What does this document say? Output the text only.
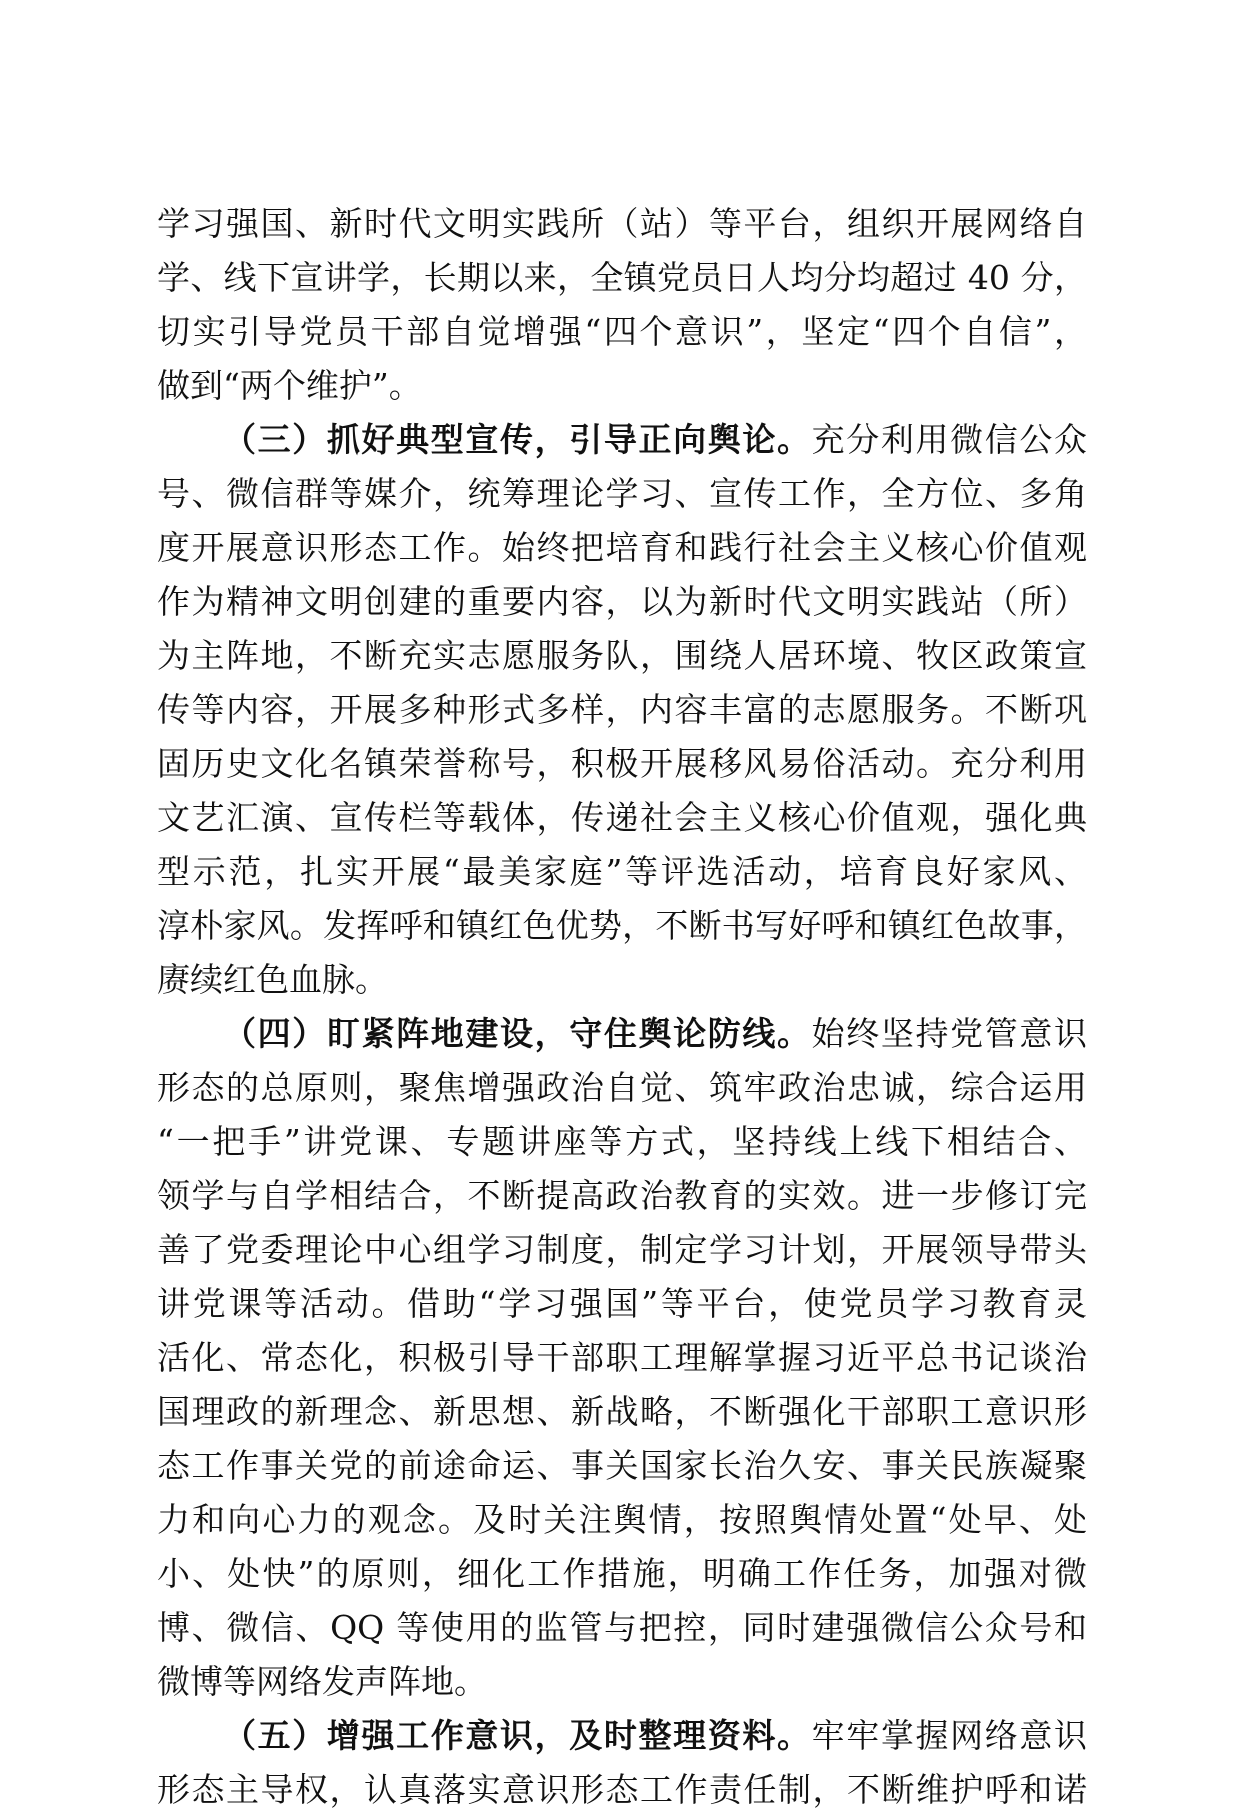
学习强国、新时代文明实践所（站）等平台，组织开展网络自
学、线下宣讲学，长期以来，全镇党员日人均分均超过 40 分，
切实引导党员干部自觉增强“四个意识”，坚定“四个自信”，
做到“两个维护”。
（三）抓好典型宣传，引导正向舆论。充分利用微信公众
号、微信群等媒介，统筹理论学习、宣传工作，全方位、多角
度开展意识形态工作。始终把培育和践行社会主义核心价值观
作为精神文明创建的重要内容，以为新时代文明实践站（所）
为主阵地，不断充实志愿服务队，围绕人居环境、牧区政策宣
传等内容，开展多种形式多样，内容丰富的志愿服务。不断巩
固历史文化名镇荣誉称号，积极开展移风易俗活动。充分利用
文艺汇演、宣传栏等载体，传递社会主义核心价值观，强化典
型示范，扎实开展“最美家庭”等评选活动，培育良好家风、
淳朴家风。发挥呼和镇红色优势，不断书写好呼和镇红色故事，
赓续红色血脉。
（四）盯紧阵地建设，守住舆论防线。始终坚持党管意识
形态的总原则，聚焦增强政治自觉、筑牢政治忠诚，综合运用
“一把手”讲党课、专题讲座等方式，坚持线上线下相结合、
领学与自学相结合，不断提高政治教育的实效。进一步修订完
善了党委理论中心组学习制度，制定学习计划，开展领导带头
讲党课等活动。借助“学习强国”等平台，使党员学习教育灵
活化、常态化，积极引导干部职工理解掌握习近平总书记谈治
国理政的新理念、新思想、新战略，不断强化干部职工意识形
态工作事关党的前途命运、事关国家长治久安、事关民族凝聚
力和向心力的观念。及时关注舆情，按照舆情处置“处早、处
小、处快”的原则，细化工作措施，明确工作任务，加强对微
博、微信、QQ 等使用的监管与把控，同时建强微信公众号和
微博等网络发声阵地。
（五）增强工作意识，及时整理资料。牢牢掌握网络意识
形态主导权，认真落实意识形态工作责任制，不断维护呼和诺
